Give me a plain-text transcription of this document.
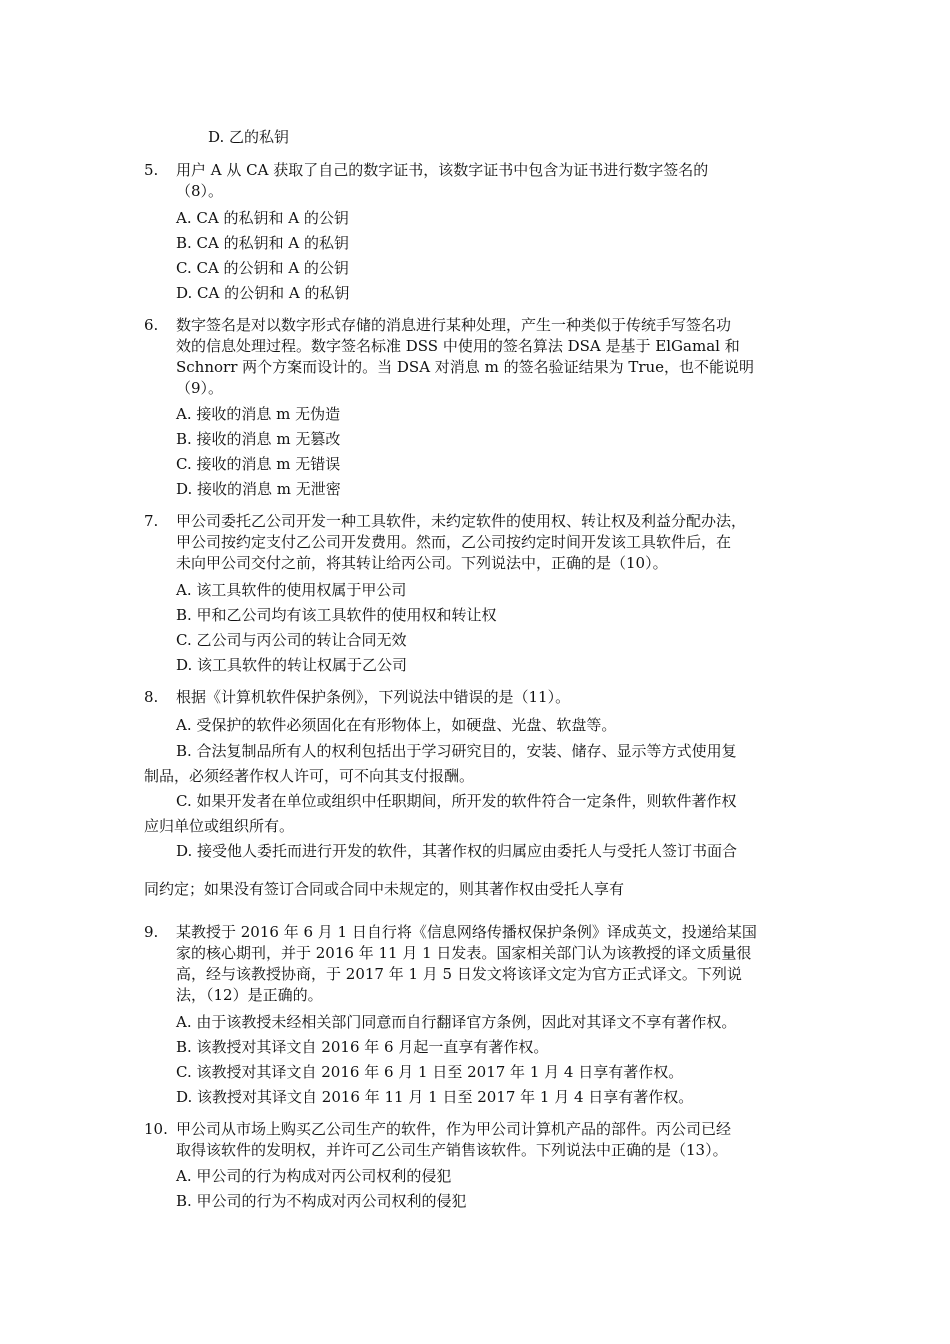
D. 乙的私钥
5. 用户 A 从 CA 获取了自己的数字证书，该数字证书中包含为证书进行数字签名的
（8）。
A. CA 的私钥和 A 的公钥
B. CA 的私钥和 A 的私钥
C. CA 的公钥和 A 的公钥
D. CA 的公钥和 A 的私钥
6. 数字签名是对以数字形式存储的消息进行某种处理，产生一种类似于传统手写签名功
效的信息处理过程。数字签名标准 DSS 中使用的签名算法 DSA 是基于 ElGamal 和
Schnorr 两个方案而设计的。当 DSA 对消息 m 的签名验证结果为 True，也不能说明
（9）。
A. 接收的消息 m 无伪造
B. 接收的消息 m 无篡改
C. 接收的消息 m 无错误
D. 接收的消息 m 无泄密
7. 甲公司委托乙公司开发一种工具软件，未约定软件的使用权、转让权及利益分配办法，
甲公司按约定支付乙公司开发费用。然而，乙公司按约定时间开发该工具软件后，在
未向甲公司交付之前，将其转让给丙公司。下列说法中，正确的是（10）。
A. 该工具软件的使用权属于甲公司
B. 甲和乙公司均有该工具软件的使用权和转让权
C. 乙公司与丙公司的转让合同无效
D. 该工具软件的转让权属于乙公司
8. 根据《计算机软件保护条例》，下列说法中错误的是（11）。
A. 受保护的软件必须固化在有形物体上，如硬盘、光盘、软盘等。
B. 合法复制品所有人的权利包括出于学习研究目的，安装、储存、显示等方式使用复
制品，必须经著作权人许可，可不向其支付报酬。
C. 如果开发者在单位或组织中任职期间，所开发的软件符合一定条件，则软件著作权
应归单位或组织所有。
D. 接受他人委托而进行开发的软件，其著作权的归属应由委托人与受托人签订书面合
同约定；如果没有签订合同或合同中未规定的，则其著作权由受托人享有
9. 某教授于 2016 年 6 月 1 日自行将《信息网络传播权保护条例》译成英文，投递给某国
家的核心期刊，并于 2016 年 11 月 1 日发表。国家相关部门认为该教授的译文质量很
高，经与该教授协商，于 2017 年 1 月 5 日发文将该译文定为官方正式译文。下列说
法，（12）是正确的。
A. 由于该教授未经相关部门同意而自行翻译官方条例，因此对其译文不享有著作权。
B. 该教授对其译文自 2016 年 6 月起一直享有著作权。
C. 该教授对其译文自 2016 年 6 月 1 日至 2017 年 1 月 4 日享有著作权。
D. 该教授对其译文自 2016 年 11 月 1 日至 2017 年 1 月 4 日享有著作权。
10. 甲公司从市场上购买乙公司生产的软件，作为甲公司计算机产品的部件。丙公司已经
取得该软件的发明权，并许可乙公司生产销售该软件。下列说法中正确的是（13）。
A. 甲公司的行为构成对丙公司权利的侵犯
B. 甲公司的行为不构成对丙公司权利的侵犯
